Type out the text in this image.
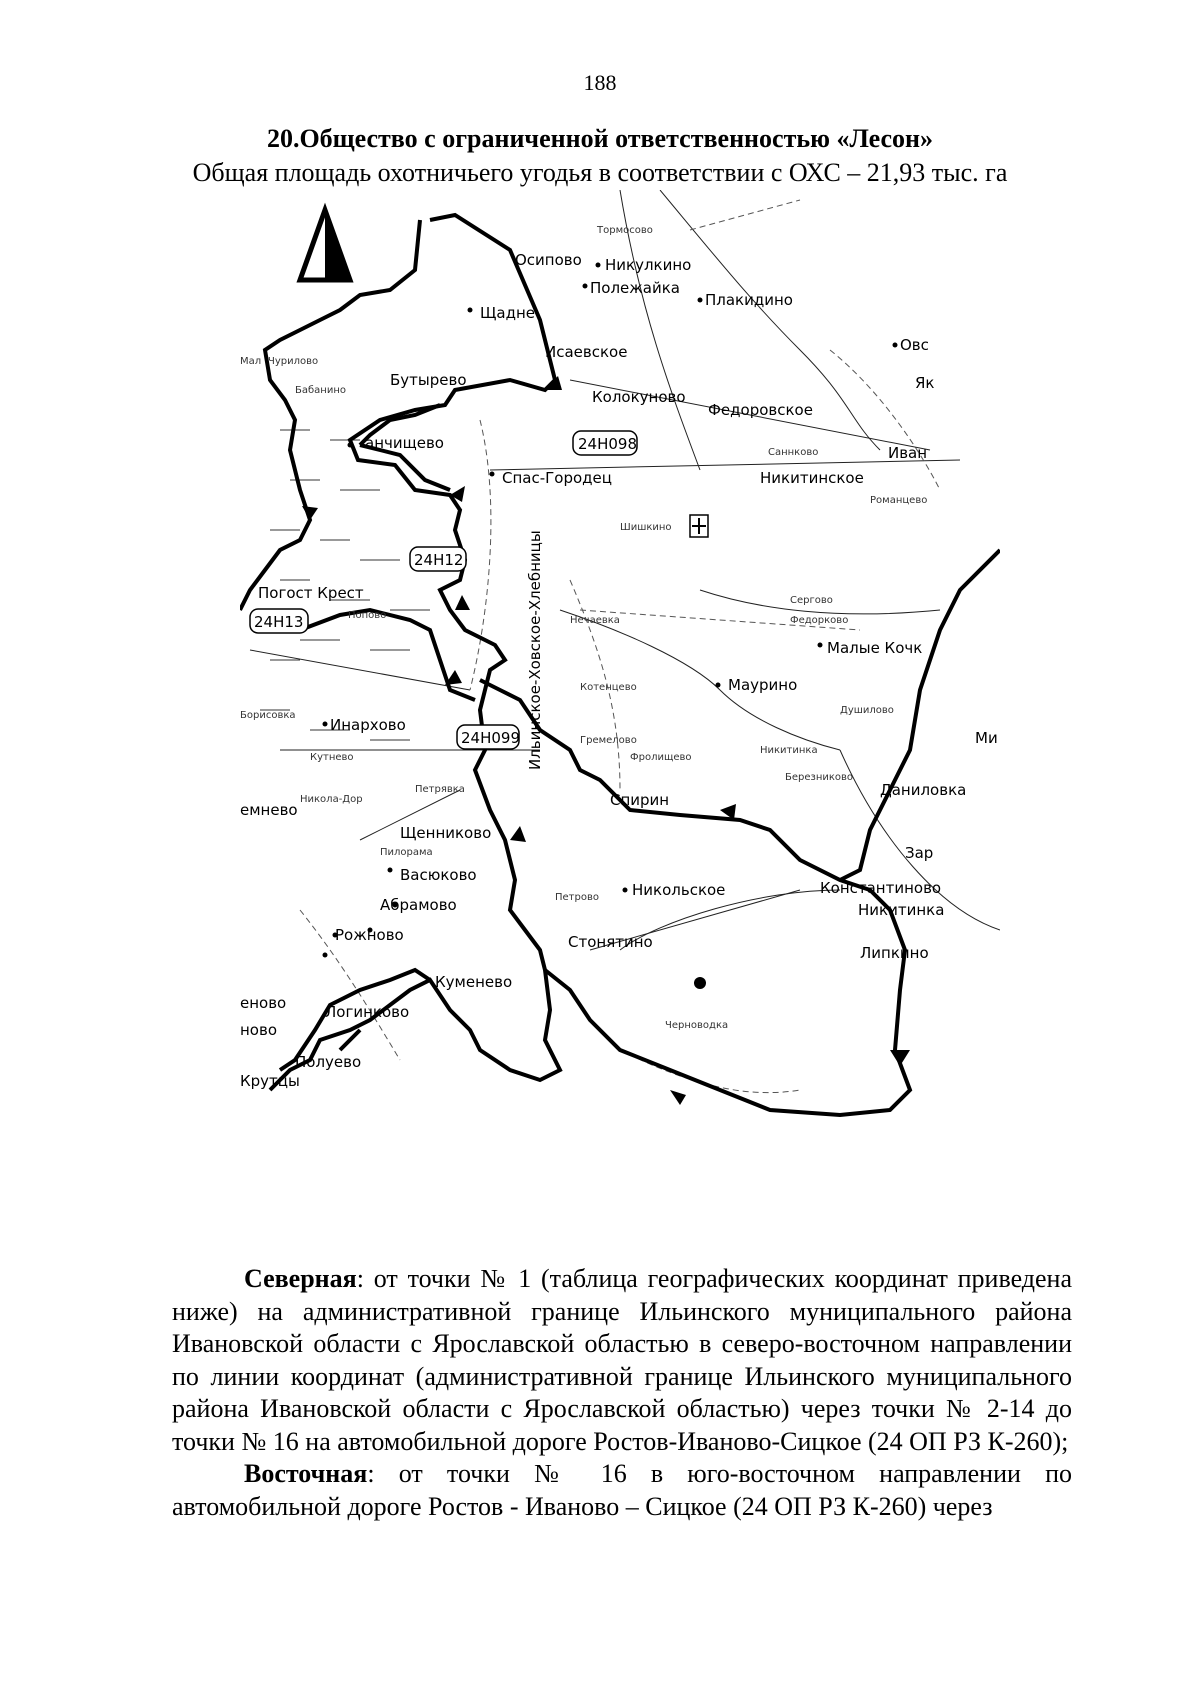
188
20.Общество с ограниченной ответственностью «Лесон»
Общая площадь охотничьего угодья в соответствии с ОХС – 21,93 тыс. га
24Н098
24Н12
24Н13
24Н099 Ильинское-Ховское-Хлебницы
Тормосово
Осипово Никулкино
Полежайка
Плакидино
Щадне
Овс
Исаевское
Мал Чурилово
Бабанино
Бутырево
Колокуново
Як
Федоровское
анчищево
Саннково	Иван
Спас-Городец	Никитинское
Шишкино
Романцево
Погост Крест
Попово	Нечаевка
Сергово
Федорково
Малые Кочк
Котенцево	Маурино
Борисовка
Инархово
Душилово
Кутнево
Никитинка
Фролищево
Гремелово
Петрявка
Никола-Дор	Спирин
Даниловка
емнево
Щенниково
Пилорама
Васюково
Никольское	Константиново
Абрамово	Петрово
Никитинка
Рожново	Стонятино
Липкино
Куменево
еново	Логинково
ново	Черноводка
Полуево
Крутцы
Зар
Ми
Березниково

Северная: от точки № 1 (таблица географических координат приведена ниже) на административной границе Ильинского муниципального района Ивановской области с Ярославской областью в северо-восточном направлении по линии координат (административной границе Ильинского муниципального района Ивановской области с Ярославской областью) через точки № 2-14 до точки № 16 на автомобильной дороге Ростов-Иваново-Сицкое (24 ОП РЗ К-260);

Восточная: от точки № 16 в юго-восточном направлении по автомобильной дороге Ростов - Иваново – Сицкое (24 ОП РЗ К-260) через
